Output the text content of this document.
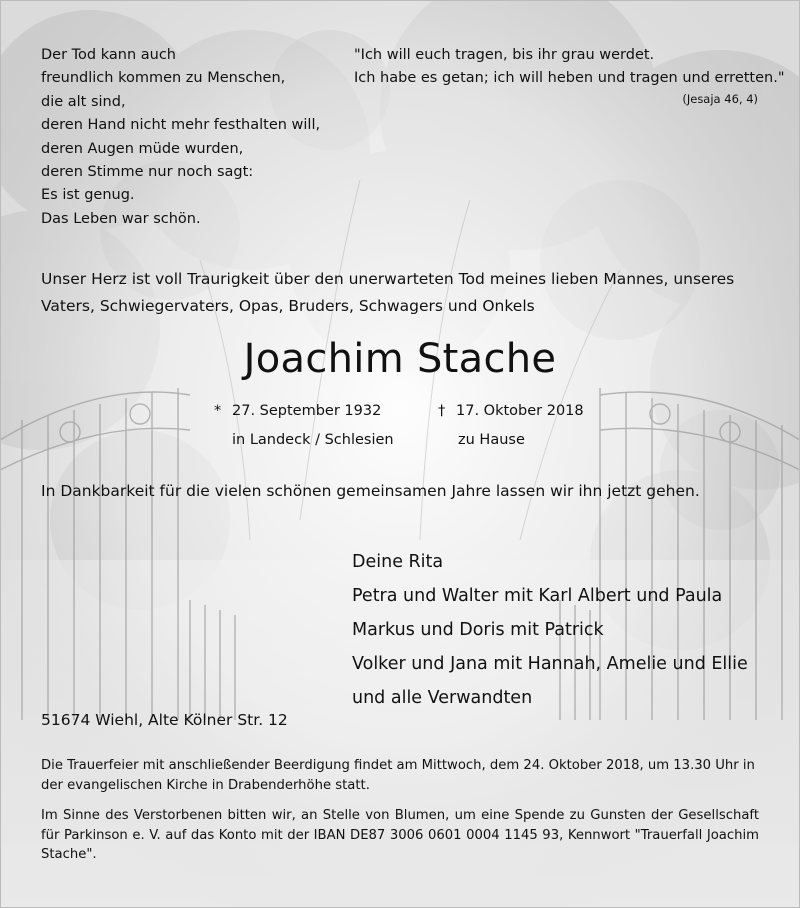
Der Tod kann auch
freundlich kommen zu Menschen,
die alt sind,
deren Hand nicht mehr festhalten will,
deren Augen müde wurden,
deren Stimme nur noch sagt:
Es ist genug.
Das Leben war schön.
"Ich will euch tragen, bis ihr grau werdet.
Ich habe es getan; ich will heben und tragen und erretten."
(Jesaja 46, 4)
Unser Herz ist voll Traurigkeit über den unerwarteten Tod meines lieben Mannes, unseres
Vaters, Schwiegervaters, Opas, Bruders, Schwagers und Onkels
Joachim Stache
* 27. September 1932
in Landeck / Schlesien
† 17. Oktober 2018
zu Hause
In Dankbarkeit für die vielen schönen gemeinsamen Jahre lassen wir ihn jetzt gehen.
Deine Rita
Petra und Walter mit Karl Albert und Paula
Markus und Doris mit Patrick
Volker und Jana mit Hannah, Amelie und Ellie
und alle Verwandten
51674 Wiehl, Alte Kölner Str. 12
Die Trauerfeier mit anschließender Beerdigung findet am Mittwoch, dem 24. Oktober 2018, um 13.30 Uhr in der evangelischen Kirche in Drabenderhöhe statt.
Im Sinne des Verstorbenen bitten wir, an Stelle von Blumen, um eine Spende zu Gunsten der Gesellschaft für Parkinson e. V. auf das Konto mit der IBAN DE87 3006 0601 0004 1145 93, Kennwort "Trauerfall Joachim Stache".
